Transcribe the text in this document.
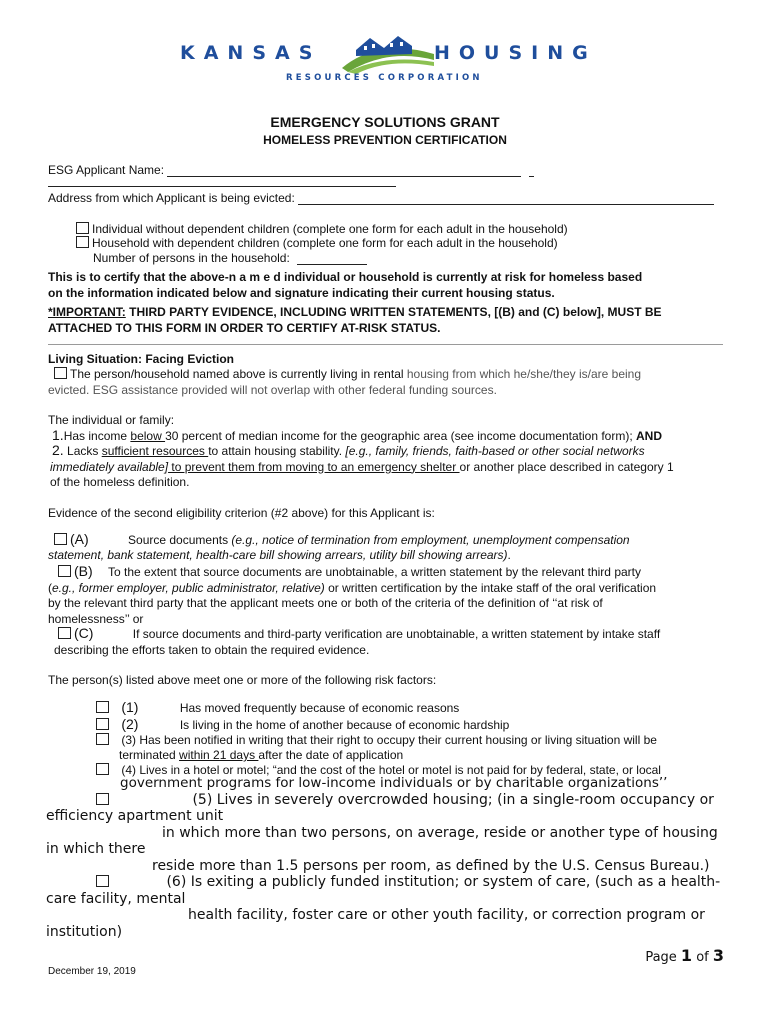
KANSAS	HOUSING
RESOURCES CORPORATION
EMERGENCY SOLUTIONS GRANT
HOMELESS PREVENTION CERTIFICATION
ESG Applicant Name:
Address from which Applicant is being evicted:
Individual without dependent children (complete one form for each adult in the household)
Household with dependent children (complete one form for each adult in the household)
Number of persons in the household:
This is to certify that the above-n a m e d individual or household is currently at risk for homeless based
on the information indicated below and signature indicating their current housing status.
*IMPORTANT: THIRD PARTY EVIDENCE, INCLUDING WRITTEN STATEMENTS, [(B) and (C) below], MUST BE
ATTACHED TO THIS FORM IN ORDER TO CERTIFY AT-RISK STATUS.
Living Situation: Facing Eviction
The person/household named above is currently living in rental housing from which he/she/they is/are being
evicted. ESG assistance provided will not overlap with other federal funding sources.
The individual or family:
1.Has income below 30 percent of median income for the geographic area (see income documentation form); AND
2. Lacks sufficient resources to attain housing stability. [e.g., family, friends, faith-based or other social networks
immediately available] to prevent them from moving to an emergency shelter or another place described in category 1
of the homeless definition.
Evidence of the second eligibility criterion (#2 above) for this Applicant is:
(A)	Source documents (e.g., notice of termination from employment, unemployment compensation
statement, bank statement, health-care bill showing arrears, utility bill showing arrears).
(B) To the extent that source documents are unobtainable, a written statement by the relevant third party
(e.g., former employer, public administrator, relative) or written certification by the intake staff of the oral verification
by the relevant third party that the applicant meets one or both of the criteria of the definition of ‘‘at risk of
homelessness’’ or
(C)	If source documents and third-party verification are unobtainable, a written statement by intake staff
describing the efforts taken to obtain the required evidence.
The person(s) listed above meet one or more of the following risk factors:
(1)	Has moved frequently because of economic reasons
(2)	Is living in the home of another because of economic hardship
(3) Has been notified in writing that their right to occupy their current housing or living situation will be
terminated within 21 days after the date of application
(4) Lives in a hotel or motel; “and the cost of the hotel or motel is not paid for by federal, state, or local
government programs for low-income individuals or by charitable organizations’’
(5) Lives in severely overcrowded housing; (in a single-room occupancy or
efficiency apartment unit
in which more than two persons, on average, reside or another type of housing
in which there
reside more than 1.5 persons per room, as defined by the U.S. Census Bureau.)
(6) Is exiting a publicly funded institution; or system of care, (such as a health-
care facility, mental
health facility, foster care or other youth facility, or correction program or
institution)
Page 1 of 3
December 19, 2019
